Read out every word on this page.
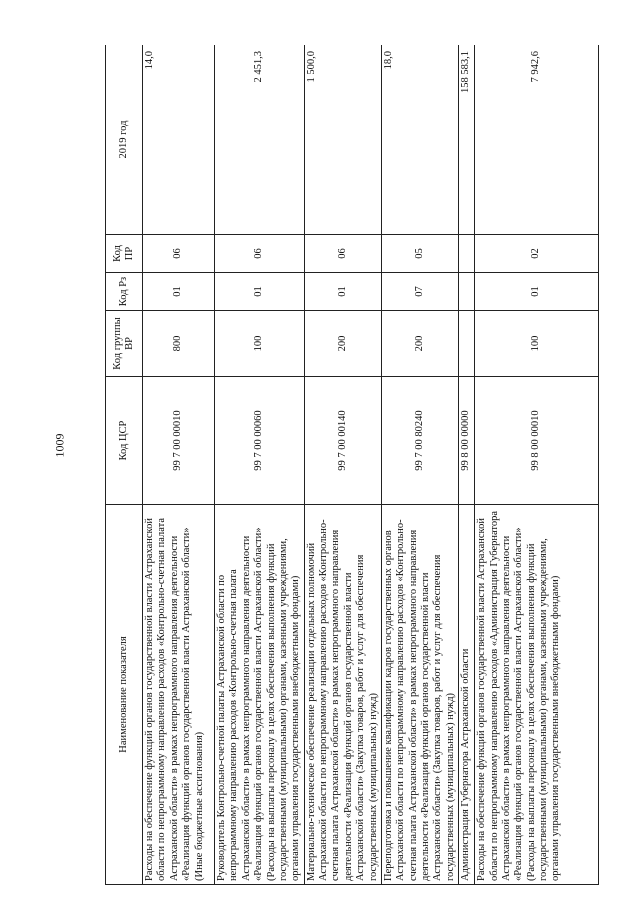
1009
Наименование показателя	Код ЦСР	Код группы ВР	Код Рз	Код ПР	2019 год
Расходы на обеспечение функций органов государственной власти Астраханской области по непрограммному направлению расходов «Контрольно-счетная палата Астраханской области» в рамках непрограммного направления деятельности «Реализация функций органов государственной власти Астраханской области» (Иные бюджетные ассигнования)	99 7 00 00010	800	01	06	14,0
Руководитель Контрольно-счетной палаты Астраханской области по непрограммному направлению расходов «Контрольно-счетная палата Астраханской области» в рамках непрограммного направления деятельности «Реализация функций органов государственной власти Астраханской области» (Расходы на выплаты персоналу в целях обеспечения выполнения функций государственными (муниципальными) органами, казенными учреждениями, органами управления государственными внебюджетными фондами)	99 7 00 00060	100	01	06	2 451,3
Материально-техническое обеспечение реализации отдельных полномочий Астраханской области по непрограммному направлению расходов «Контрольно-счетная палата Астраханской области» в рамках непрограммного направления деятельности «Реализация функций органов государственной власти Астраханской области» (Закупка товаров, работ и услуг для обеспечения государственных (муниципальных) нужд)	99 7 00 00140	200	01	06	1 500,0
Переподготовка и повышение квалификации кадров государственных органов Астраханской области по непрограммному направлению расходов «Контрольно-счетная палата Астраханской области» в рамках непрограммного направления деятельности «Реализация функций органов государственной власти Астраханской области» (Закупка товаров, работ и услуг для обеспечения государственных (муниципальных) нужд)	99 7 00 80240	200	07	05	18,0
Администрация Губернатора Астраханской области	99 8 00 00000				158 583,1
Расходы на обеспечение функций органов государственной власти Астраханской области по непрограммному направлению расходов «Администрация Губернатора Астраханской области» в рамках непрограммного направления деятельности «Реализация функций органов государственной власти Астраханской области» (Расходы на выплаты персоналу в целях обеспечения выполнения функций государственными (муниципальными) органами, казенными учреждениями, органами управления государственными внебюджетными фондами)	99 8 00 00010	100	01	02	7 942,6
